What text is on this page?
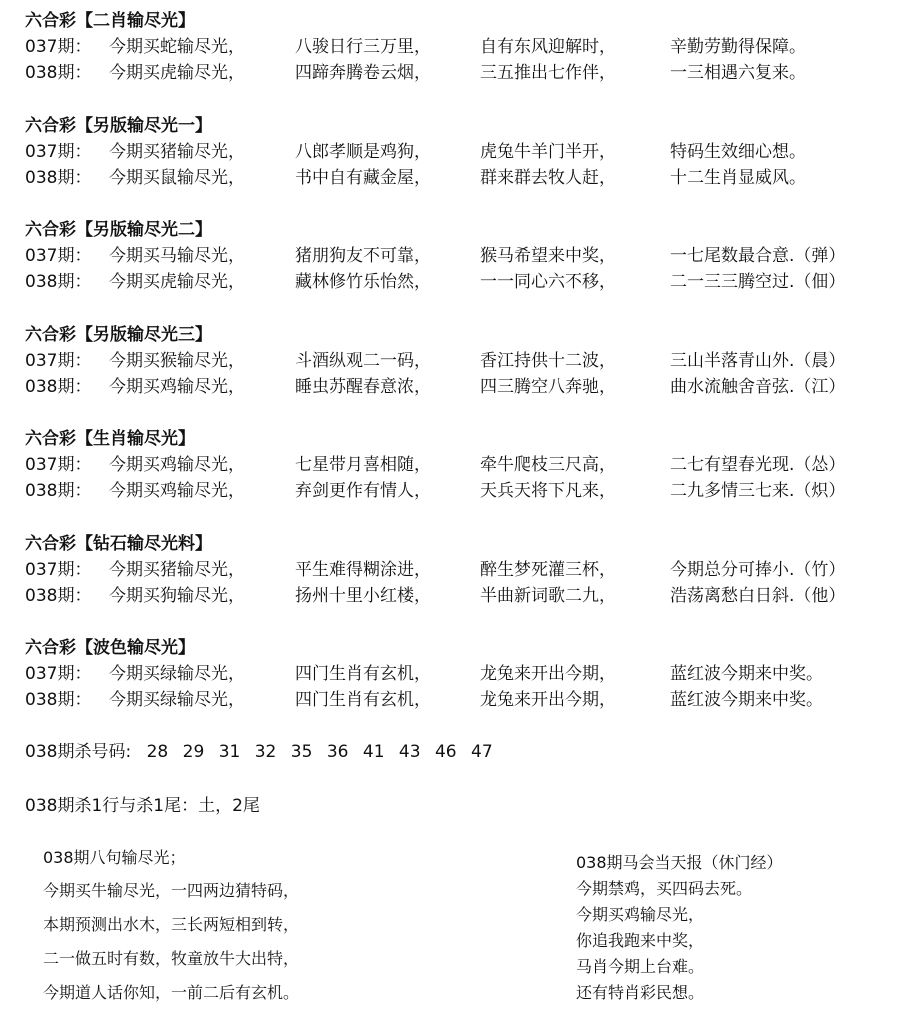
六合彩【二肖输尽光】
037期：	今期买蛇输尽光，	八骏日行三万里，	自有东风迎解时，	辛勤劳勤得保障。
038期：	今期买虎输尽光，	四蹄奔腾卷云烟，	三五推出七作伴，	一三相遇六复来。
六合彩【另版输尽光一】
037期：	今期买猪输尽光，	八郎孝顺是鸡狗，	虎兔牛羊门半开，	特码生效细心想。
038期：	今期买鼠输尽光，	书中自有藏金屋，	群来群去牧人赶，	十二生肖显威风。
六合彩【另版输尽光二】
037期：	今期买马输尽光，	猪朋狗友不可靠，	猴马希望来中奖，	一七尾数最合意.（弹）
038期：	今期买虎输尽光，	藏林修竹乐怡然，	一一同心六不移，	二一三三腾空过.（佃）
六合彩【另版输尽光三】
037期：	今期买猴输尽光，	斗酒纵观二一码，	香江持供十二波，	三山半落青山外.（晨）
038期：	今期买鸡输尽光，	睡虫苏醒春意浓，	四三腾空八奔驰，	曲水流触舍音弦.（江）
六合彩【生肖输尽光】
037期：	今期买鸡输尽光，	七星带月喜相随，	牵牛爬枝三尺高，	二七有望春光现.（怂）
038期：	今期买鸡输尽光，	弃剑更作有情人，	天兵天将下凡来，	二九多情三七来.（炽）
六合彩【钻石输尽光料】
037期：	今期买猪输尽光，	平生难得糊涂进，	醉生梦死灌三杯，	今期总分可捧小.（竹）
038期：	今期买狗输尽光，	扬州十里小红楼，	半曲新词歌二九，	浩荡离愁白日斜.（他）
六合彩【波色输尽光】
037期：	今期买绿输尽光，	四门生肖有玄机，	龙兔来开出今期，	蓝红波今期来中奖。
038期：	今期买绿输尽光，	四门生肖有玄机，	龙兔来开出今期，	蓝红波今期来中奖。
038期杀号码: 28 29 31 32 35 36 41 43 46 47
038期杀1行与杀1尾：土，2尾
038期八句输尽光；
今期买牛输尽光，一四两边猜特码，
本期预测出水木，三长两短相到转，
二一做五时有数，牧童放牛大出特，
今期道人话你知，一前二后有玄机。
038期马会当天报（休门经）
今期禁鸡，买四码去死。
今期买鸡输尽光，
你追我跑来中奖，
马肖今期上台难。
还有特肖彩民想。
